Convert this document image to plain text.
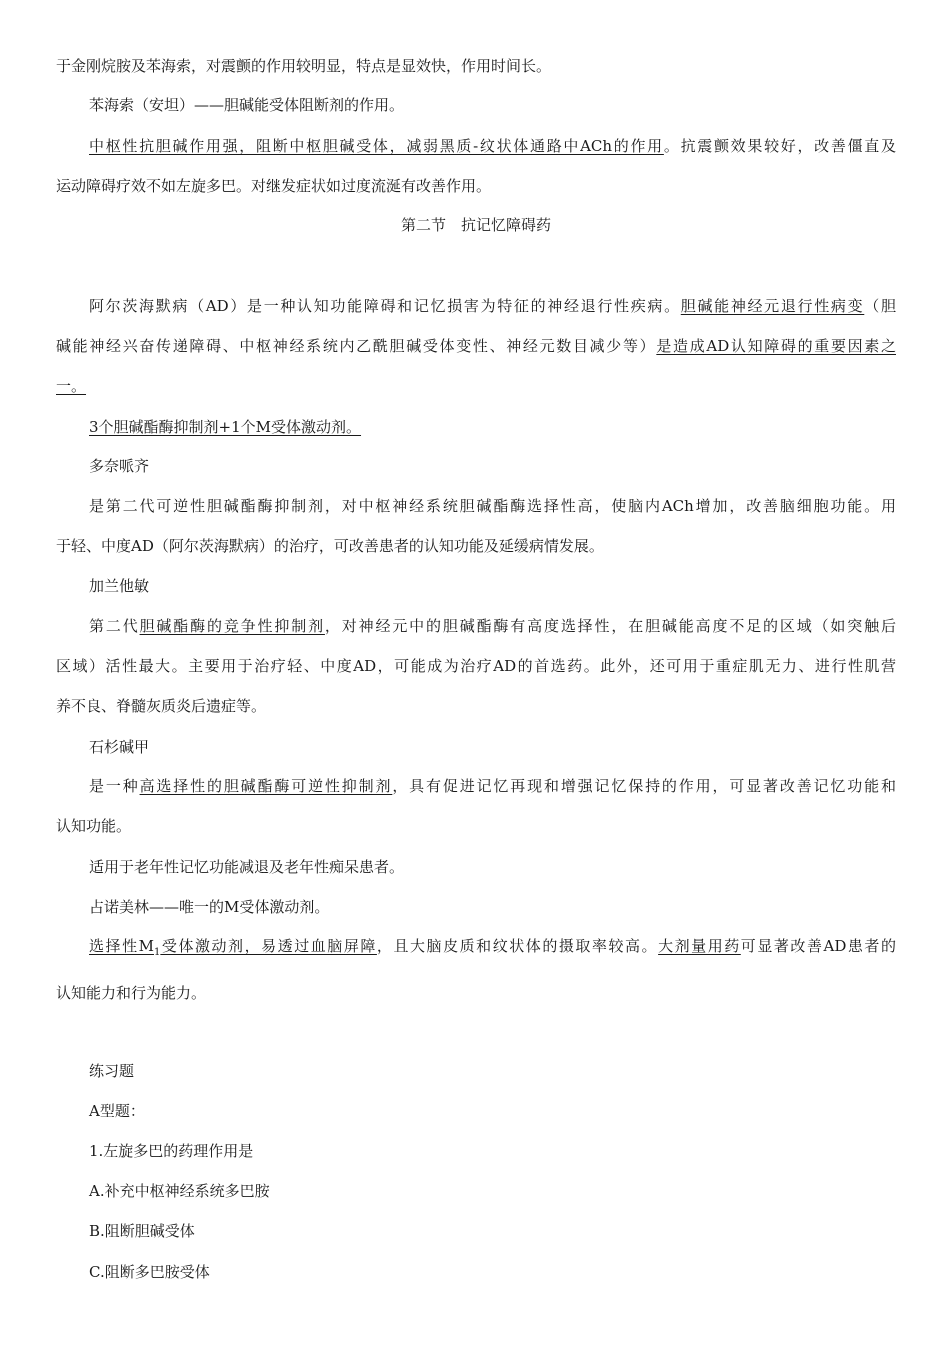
于金刚烷胺及苯海索，对震颤的作用较明显，特点是显效快，作用时间长。
苯海索（安坦）——胆碱能受体阻断剂的作用。
中枢性抗胆碱作用强，阻断中枢胆碱受体，减弱黑质-纹状体通路中ACh的作用。抗震颤效果较好，改善僵直及
运动障碍疗效不如左旋多巴。对继发症状如过度流涎有改善作用。
第二节　抗记忆障碍药
阿尔茨海默病（AD）是一种认知功能障碍和记忆损害为特征的神经退行性疾病。胆碱能神经元退行性病变（胆
碱能神经兴奋传递障碍、中枢神经系统内乙酰胆碱受体变性、神经元数目减少等）是造成AD认知障碍的重要因素之
一。
3个胆碱酯酶抑制剂+1个M受体激动剂。
多奈哌齐
是第二代可逆性胆碱酯酶抑制剂，对中枢神经系统胆碱酯酶选择性高，使脑内ACh增加，改善脑细胞功能。用
于轻、中度AD（阿尔茨海默病）的治疗，可改善患者的认知功能及延缓病情发展。
加兰他敏
第二代胆碱酯酶的竞争性抑制剂，对神经元中的胆碱酯酶有高度选择性，在胆碱能高度不足的区域（如突触后
区域）活性最大。主要用于治疗轻、中度AD，可能成为治疗AD的首选药。此外，还可用于重症肌无力、进行性肌营
养不良、脊髓灰质炎后遗症等。
石杉碱甲
是一种高选择性的胆碱酯酶可逆性抑制剂，具有促进记忆再现和增强记忆保持的作用，可显著改善记忆功能和
认知功能。
适用于老年性记忆功能减退及老年性痴呆患者。
占诺美林——唯一的M受体激动剂。
选择性$M_1$受体激动剂，易透过血脑屏障，且大脑皮质和纹状体的摄取率较高。大剂量用药可显著改善AD患者的
认知能力和行为能力。
练习题
A型题：
1.左旋多巴的药理作用是
A.补充中枢神经系统多巴胺
B.阻断胆碱受体
C.阻断多巴胺受体
